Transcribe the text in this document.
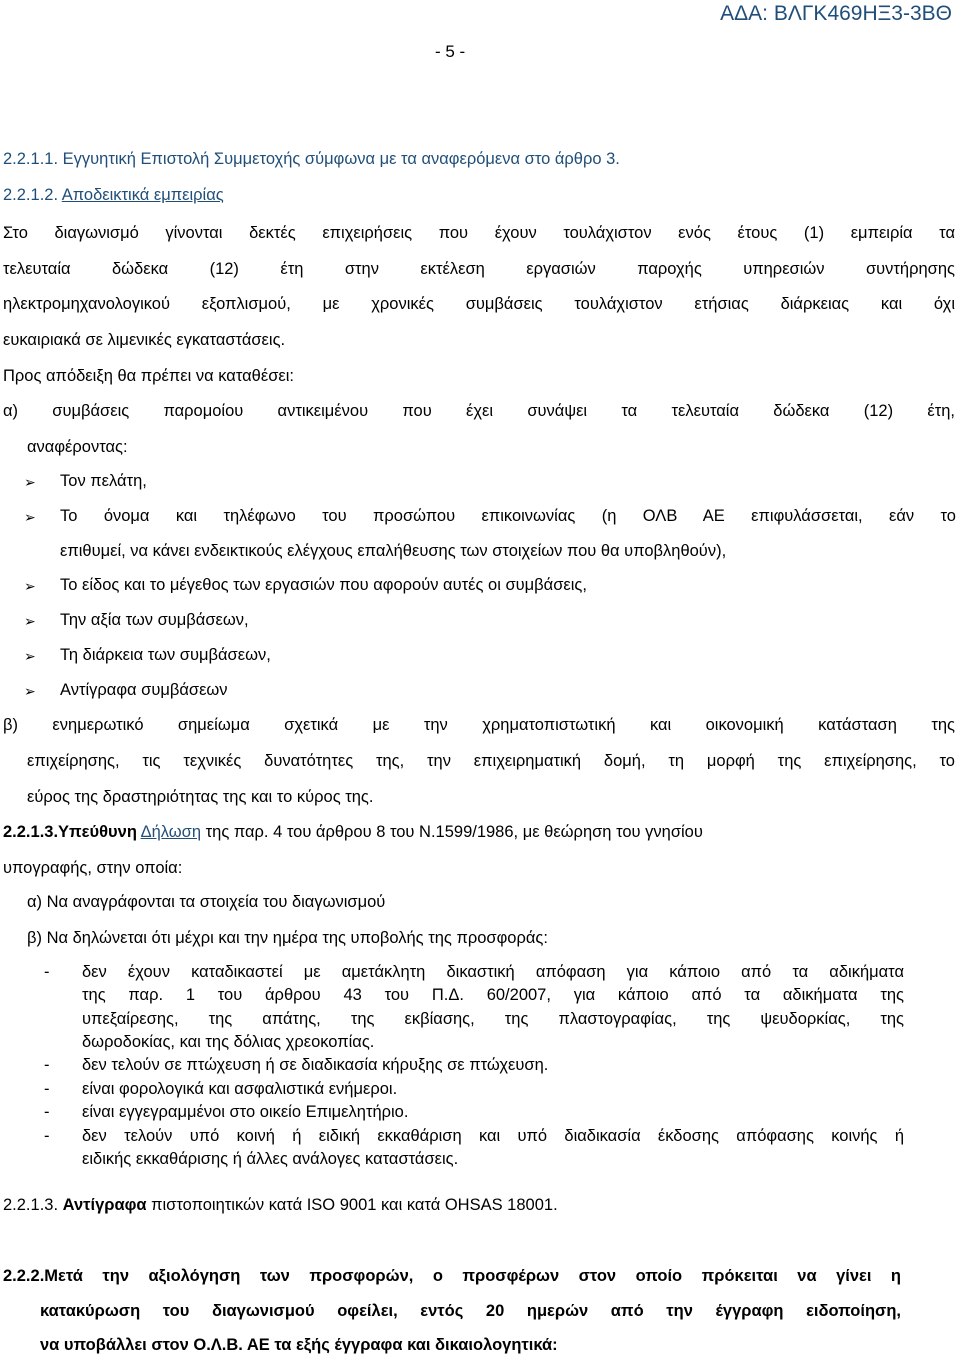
ΑΔΑ: ΒΛΓΚ469ΗΞ3-3ΒΘ
- 5 -
2.2.1.1. Εγγυητική Επιστολή Συμμετοχής σύμφωνα με τα αναφερόμενα στο άρθρο 3.
2.2.1.2. Αποδεικτικά εμπειρίας
Στο διαγωνισμό γίνονται δεκτές επιχειρήσεις που έχουν τουλάχιστον ενός έτους (1) εμπειρία τα
τελευταία δώδεκα (12) έτη στην εκτέλεση εργασιών παροχής υπηρεσιών συντήρησης
ηλεκτρομηχανολογικού εξοπλισμού, με χρονικές συμβάσεις τουλάχιστον ετήσιας διάρκειας και όχι
ευκαιριακά σε λιμενικές εγκαταστάσεις.
Προς απόδειξη θα πρέπει να καταθέσει:
α) συμβάσεις παρομοίου αντικειμένου που έχει συνάψει τα τελευταία δώδεκα (12) έτη,
αναφέροντας:
➢ Τον πελάτη,
➢ Το όνομα και τηλέφωνο του προσώπου επικοινωνίας (η ΟΛΒ ΑΕ επιφυλάσσεται, εάν το
επιθυμεί, να κάνει ενδεικτικούς ελέγχους επαλήθευσης των στοιχείων που θα υποβληθούν),
➢ Το είδος και το μέγεθος των εργασιών που αφορούν αυτές οι συμβάσεις,
➢ Την αξία των συμβάσεων,
➢ Τη διάρκεια των συμβάσεων,
➢ Αντίγραφα συμβάσεων
β) ενημερωτικό σημείωμα σχετικά με την χρηματοπιστωτική και οικονομική κατάσταση της
επιχείρησης, τις τεχνικές δυνατότητες της, την επιχειρηματική δομή, τη μορφή της επιχείρησης, το
εύρος της δραστηριότητας της και το κύρος της.
2.2.1.3.Υπεύθυνη Δήλωση της παρ. 4 του άρθρου 8 του Ν.1599/1986, με θεώρηση του γνησίου
υπογραφής, στην οποία:
α) Να αναγράφονται τα στοιχεία του διαγωνισμού
β) Να δηλώνεται ότι μέχρι και την ημέρα της υποβολής της προσφοράς:
- δεν έχουν καταδικαστεί με αμετάκλητη δικαστική απόφαση για κάποιο από τα αδικήματα
της παρ. 1 του άρθρου 43 του Π.Δ. 60/2007, για κάποιο από τα αδικήματα της
υπεξαίρεσης, της απάτης, της εκβίασης, της πλαστογραφίας, της ψευδορκίας, της
δωροδοκίας, και της δόλιας χρεοκοπίας.
- δεν τελούν σε πτώχευση ή σε διαδικασία κήρυξης σε πτώχευση.
- είναι φορολογικά και ασφαλιστικά ενήμεροι.
- είναι εγγεγραμμένοι στο οικείο Επιμελητήριο.
- δεν τελούν υπό κοινή ή ειδική εκκαθάριση και υπό διαδικασία έκδοσης απόφασης κοινής ή
ειδικής εκκαθάρισης ή άλλες ανάλογες καταστάσεις.
2.2.1.3. Αντίγραφα πιστοποιητικών κατά ISO 9001 και κατά OHSAS 18001.
2.2.2.Μετά την αξιολόγηση των προσφορών, ο προσφέρων στον οποίο πρόκειται να γίνει η
κατακύρωση του διαγωνισμού οφείλει, εντός 20 ημερών από την έγγραφη ειδοποίηση,
να υποβάλλει στον Ο.Λ.Β. ΑΕ τα εξής έγγραφα και δικαιολογητικά:
